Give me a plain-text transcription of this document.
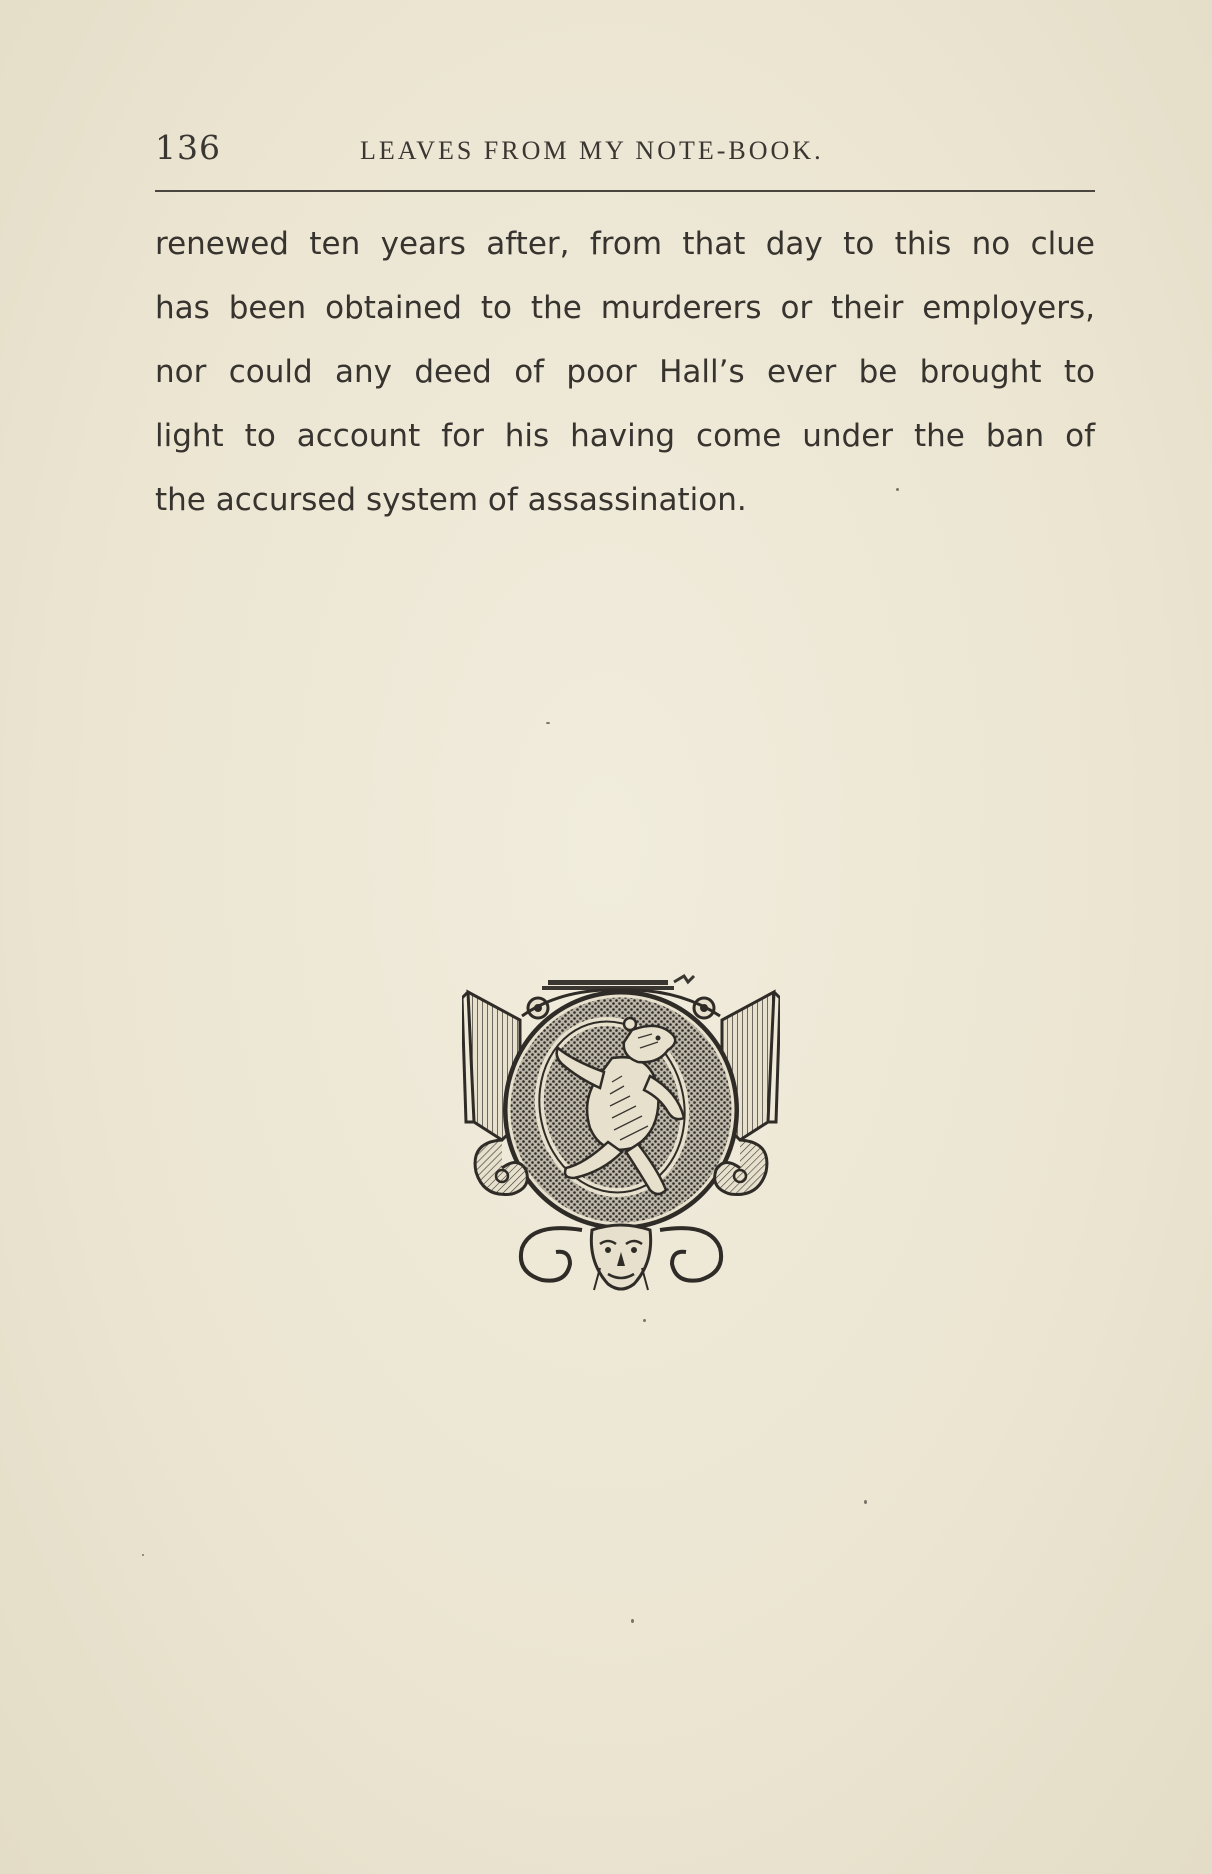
136	LEAVES FROM MY NOTE-BOOK.
renewed ten years after, from that day to this no clue
has been obtained to the murderers or their employers,
nor could any deed of poor Hall’s ever be brought to
light to account for his having come under the ban of
the accursed system of assassination.
